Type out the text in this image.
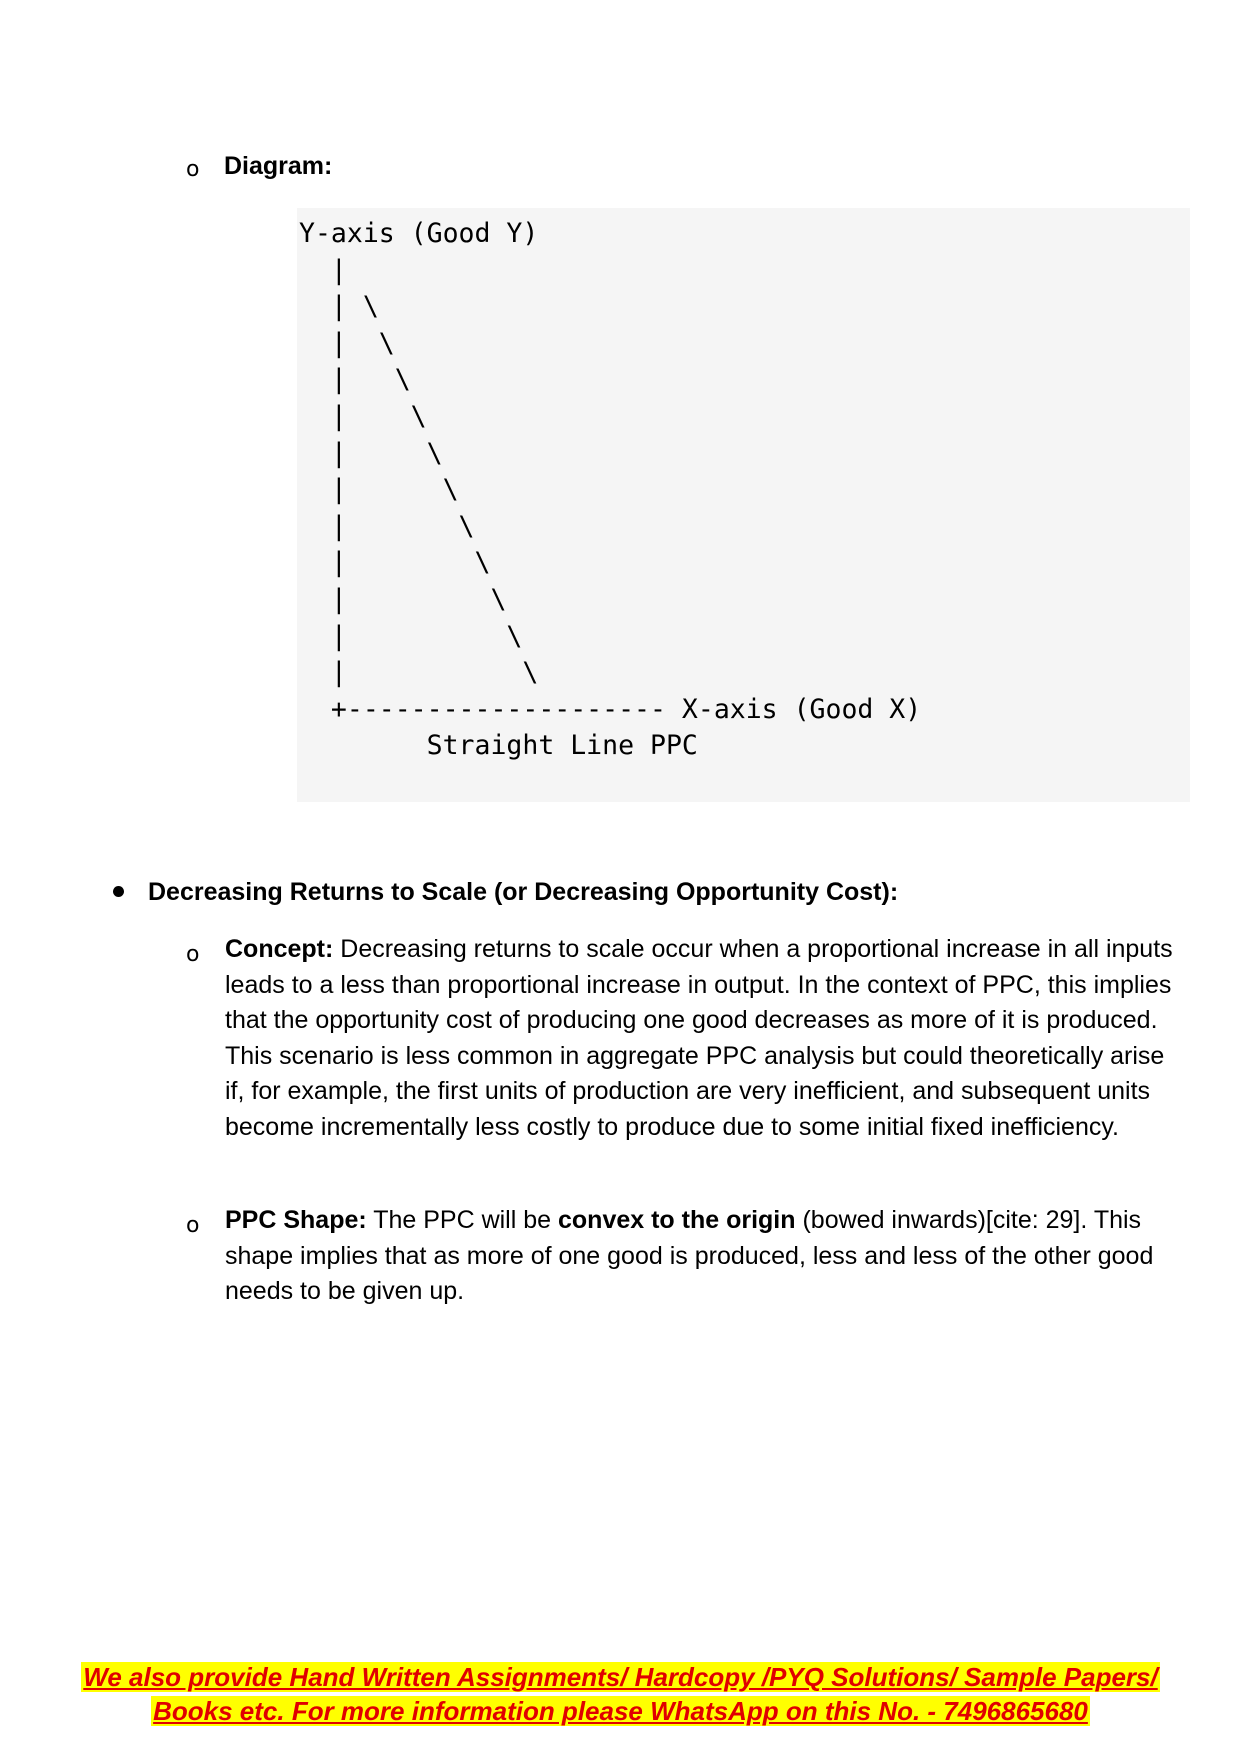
o Diagram:
Y-axis (Good Y)
|
| \
|  \
|   \
|    \
|     \
|      \
|       \
|        \
|         \
|          \
|           \
+-------------------- X-axis (Good X)
Straight Line PPC
Decreasing Returns to Scale (or Decreasing Opportunity Cost):
o Concept: Decreasing returns to scale occur when a proportional increase in all inputs leads to a less than proportional increase in output. In the context of PPC, this implies that the opportunity cost of producing one good decreases as more of it is produced. This scenario is less common in aggregate PPC analysis but could theoretically arise if, for example, the first units of production are very inefficient, and subsequent units become incrementally less costly to produce due to some initial fixed inefficiency.
o PPC Shape: The PPC will be convex to the origin (bowed inwards)[cite: 29]. This shape implies that as more of one good is produced, less and less of the other good needs to be given up.
We also provide Hand Written Assignments/ Hardcopy /PYQ Solutions/ Sample Papers/
Books etc. For more information please WhatsApp on this No. - 7496865680
